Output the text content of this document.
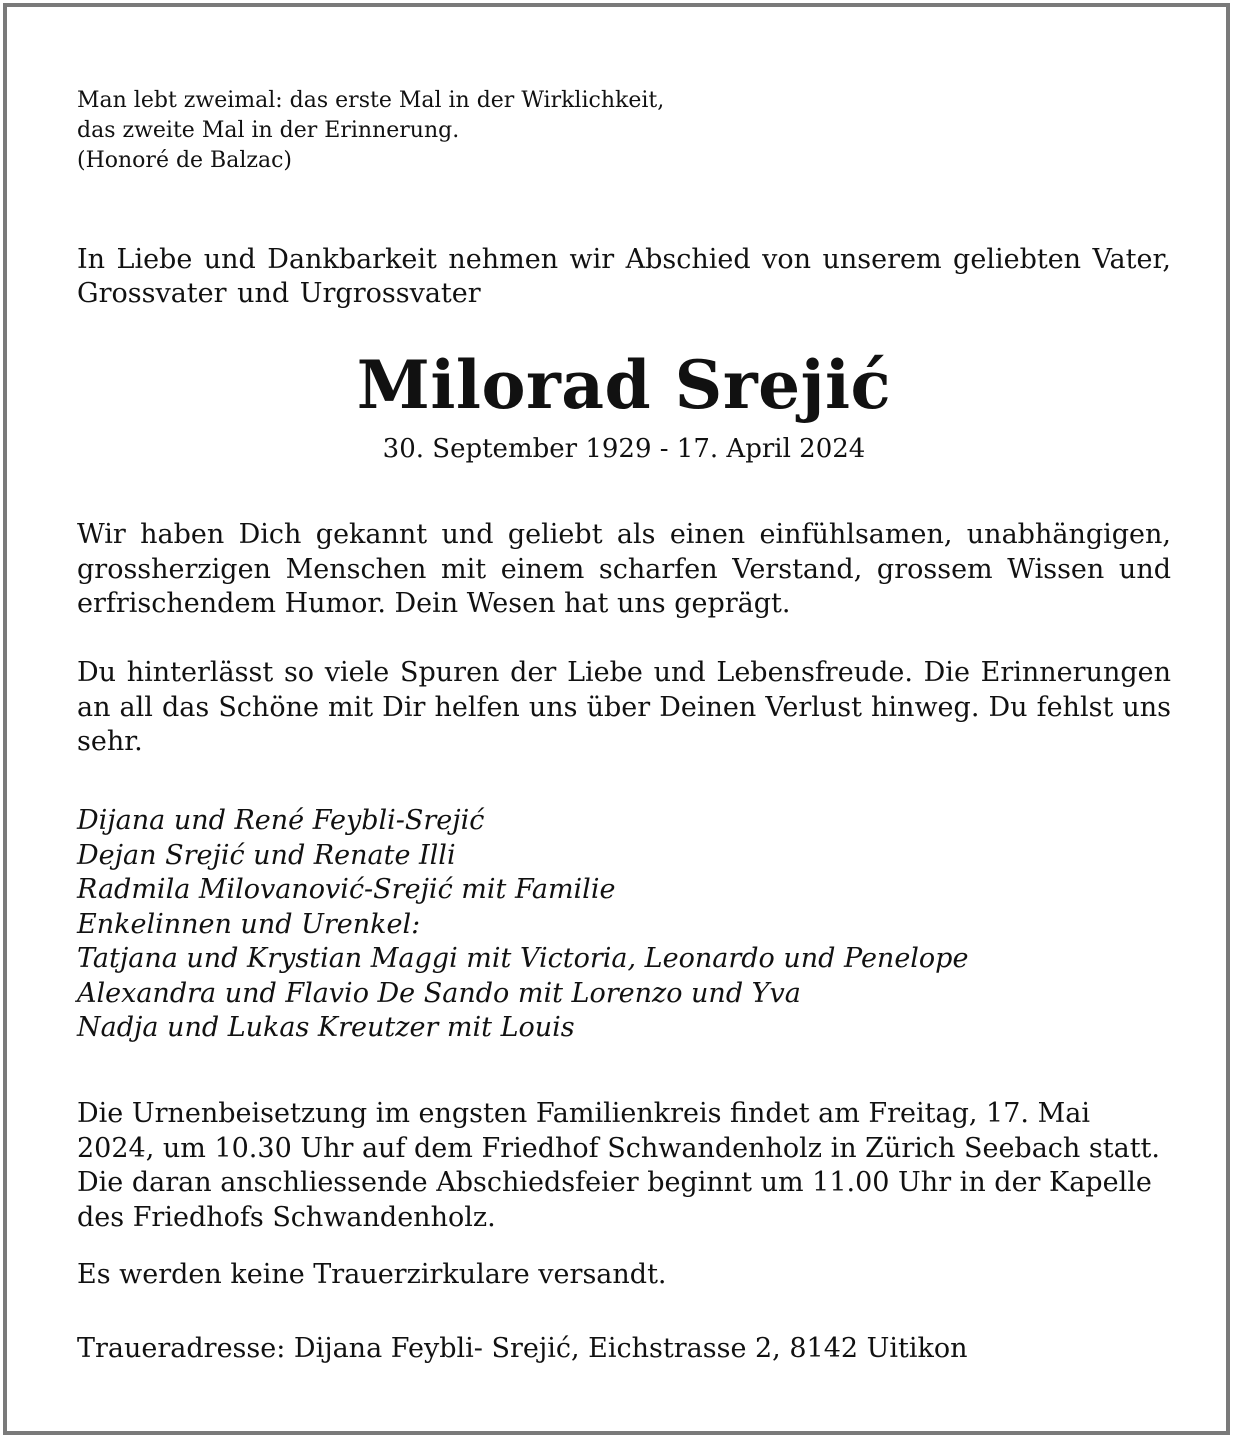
Man lebt zweimal: das erste Mal in der Wirklichkeit,
das zweite Mal in der Erinnerung.
(Honoré de Balzac)
In Liebe und Dankbarkeit nehmen wir Abschied von unserem geliebten Vater, Grossvater und Urgrossvater
Milorad Srejić
30. September 1929 - 17. April 2024
Wir haben Dich gekannt und geliebt als einen einfühlsamen, unabhängigen, grossherzigen Menschen mit einem scharfen Verstand, grossem Wissen und erfrischendem Humor. Dein Wesen hat uns geprägt.
Du hinterlässt so viele Spuren der Liebe und Lebensfreude. Die Erinnerungen an all das Schöne mit Dir helfen uns über Deinen Verlust hinweg. Du fehlst uns sehr.
Dijana und René Feybli-Srejić
Dejan Srejić und Renate Illi
Radmila Milovanović-Srejić mit Familie
Enkelinnen und Urenkel:
Tatjana und Krystian Maggi mit Victoria, Leonardo und Penelope
Alexandra und Flavio De Sando mit Lorenzo und Yva
Nadja und Lukas Kreutzer mit Louis
Die Urnenbeisetzung im engsten Familienkreis findet am Freitag, 17. Mai 2024, um 10.30 Uhr auf dem Friedhof Schwandenholz in Zürich Seebach statt. Die daran anschliessende Abschiedsfeier beginnt um 11.00 Uhr in der Kapelle des Friedhofs Schwandenholz.
Es werden keine Trauerzirkulare versandt.
Traueradresse: Dijana Feybli- Srejić, Eichstrasse 2, 8142 Uitikon
